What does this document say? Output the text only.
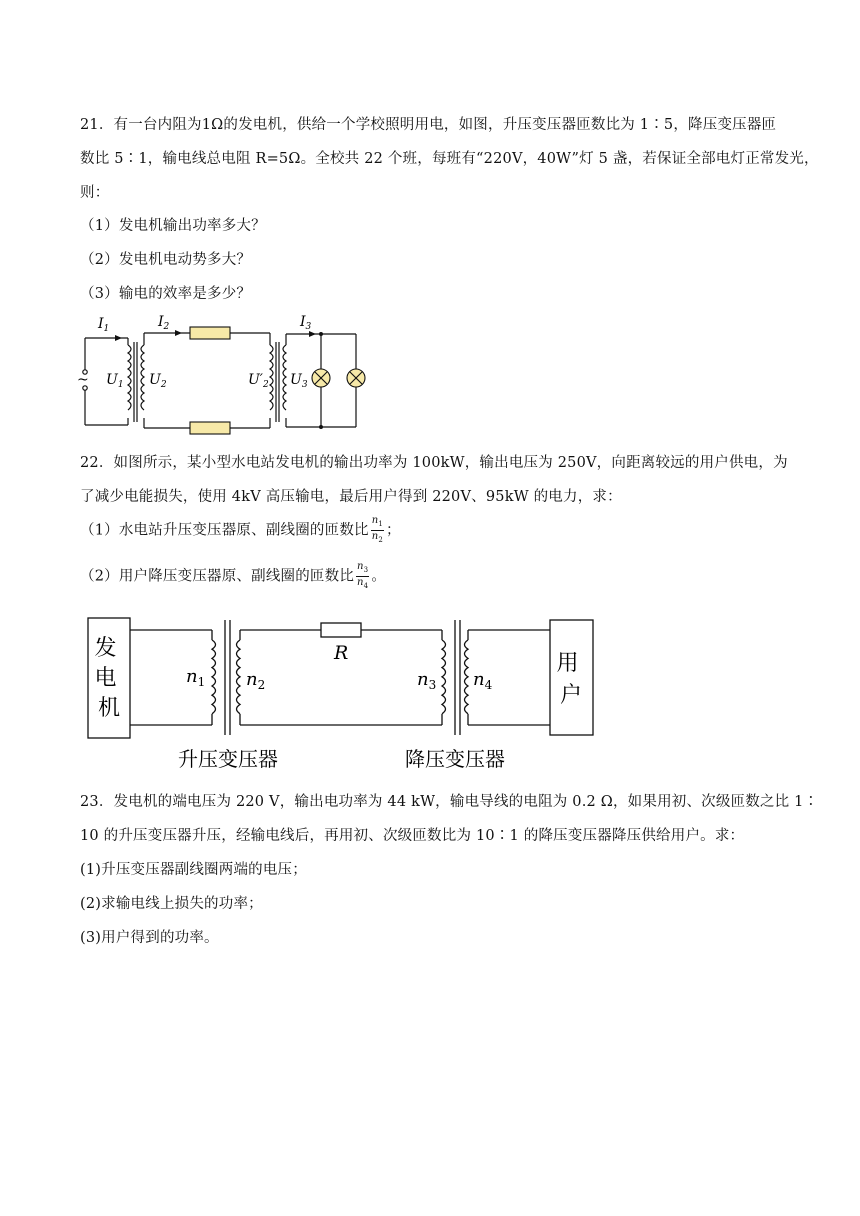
21．有一台内阻为1Ω的发电机，供给一个学校照明用电，如图，升压变压器匝数比为 1∶5，降压变压器匝
数比 5∶1，输电线总电阻 R=5Ω。全校共 22 个班，每班有“220V，40W”灯 5 盏，若保证全部电灯正常发光，
则：
（1）发电机输出功率多大？
（2）发电机电动势多大？
（3）输电的效率是多少？
~
$I_1$	$I_2$	$I_3$
$U_1$ $U_2$	$U'_2$ $U_3$
22．如图所示，某小型水电站发电机的输出功率为 100kW，输出电压为 250V，向距离较远的用户供电，为
了减少电能损失，使用 4kV 高压输电，最后用户得到 220V、95kW 的电力，求：
（1）水电站升压变压器原、副线圈的匝数比 $\frac{n_1}{n_2}$ ；
（2）用户降压变压器原、副线圈的匝数比 $\frac{n_3}{n_4}$ 。
发 电 机
用 户
R
$n_1$ $n_2$	$n_3$ $n_4$
升压变压器	降压变压器
23．发电机的端电压为 220 V，输出电功率为 44 kW，输电导线的电阻为 0.2 Ω，如果用初、次级匝数之比 1∶
10 的升压变压器升压，经输电线后，再用初、次级匝数比为 10∶1 的降压变压器降压供给用户。求：
(1)升压变压器副线圈两端的电压；
(2)求输电线上损失的功率；
(3)用户得到的功率。
